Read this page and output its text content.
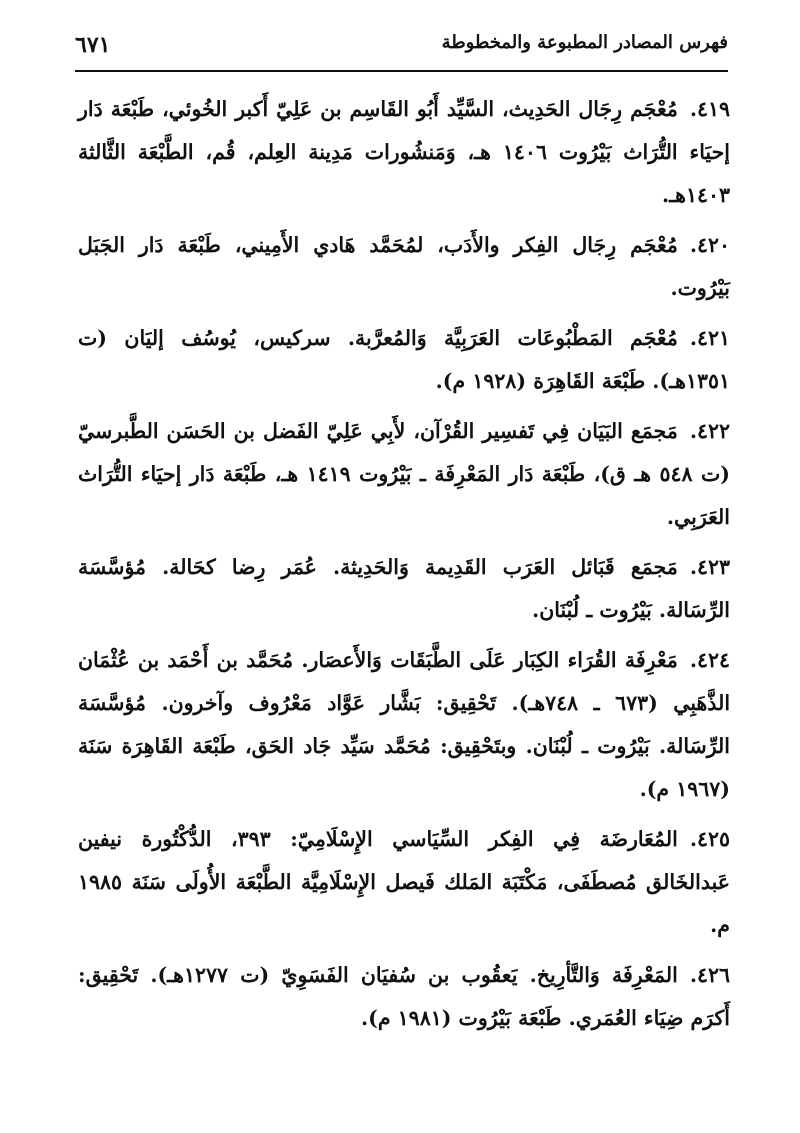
فهرس المصادر المطبوعة والمخطوطة
٦٧١

٤١٩.مُعْجَم رِجَال الحَدِيث، السَّيِّد أَبُو القَاسِم بن عَلِيّ أَكبر الخُوئي، طَبْعَة دَار إحيَاء التُّرَاث بَيْرُوت ١٤٠٦ هـ، وَمَنشُورات مَدِينة العِلم، قُم، الطَّبْعَة الثَّالثة ١٤٠٣هـ.

٤٢٠.مُعْجَم رِجَال الفِكر والأَدَب، لمُحَمَّد هَادي الأَمِيني، طَبْعَة دَار الجَبَل بَيْرُوت.

٤٢١.مُعْجَم المَطْبُوعَات العَرَبِيَّة وَالمُعرَّبة. سركيس، يُوسُف إليَان (ت ١٣٥١هـ). طَبْعَة القَاهِرَة (١٩٢٨ م).

٤٢٢.مَجمَع البَيَان فِي تَفسِير القُرْآن، لأَبِي عَلِيّ الفَضل بن الحَسَن الطَّبرسيّ (ت ٥٤٨ هـ ق)، طَبْعَة دَار المَعْرِفَة ـ بَيْرُوت ١٤١٩ هـ، طَبْعَة دَار إحيَاء التُّرَاث العَرَبِي.

٤٢٣.مَجمَع قَبَائل العَرَب القَدِيمة وَالحَدِيثة. عُمَر رِضا كحَالة. مُؤسَّسَة الرِّسَالة. بَيْرُوت ـ لُبْنَان.

٤٢٤.مَعْرِفَة القُرَاء الكِبَار عَلَى الطَّبَقَات وَالأَعصَار. مُحَمَّد بن أَحْمَد بن عُثْمَان الذَّهَبِي (٦٧٣ ـ ٧٤٨هـ). تَحْقِيق: بَشَّار عَوَّاد مَعْرُوف وآخرون. مُؤسَّسَة الرِّسَالة. بَيْرُوت ـ لُبْنَان. وبتَحْقِيق: مُحَمَّد سَيِّد جَاد الحَق، طَبْعَة القَاهِرَة سَنَة (١٩٦٧ م).

٤٢٥.المُعَارضَة فِي الفِكر السِّيَاسي الإِسْلَامِيّ: ٣٩٣، الدُّكْتُورة نيفين عَبدالخَالق مُصطَفَى، مَكْتَبَة المَلك فَيصل الإِسْلَامِيَّة الطَّبْعَة الأُولَى سَنَة ١٩٨٥ م.

٤٢٦.المَعْرِفَة وَالتَّأرِيخ. يَعقُوب بن سُفيَان الفَسَوِيّ (ت ١٢٧٧هـ). تَحْقِيق: أَكرَم ضِيَاء العُمَري. طَبْعَة بَيْرُوت (١٩٨١ م).
